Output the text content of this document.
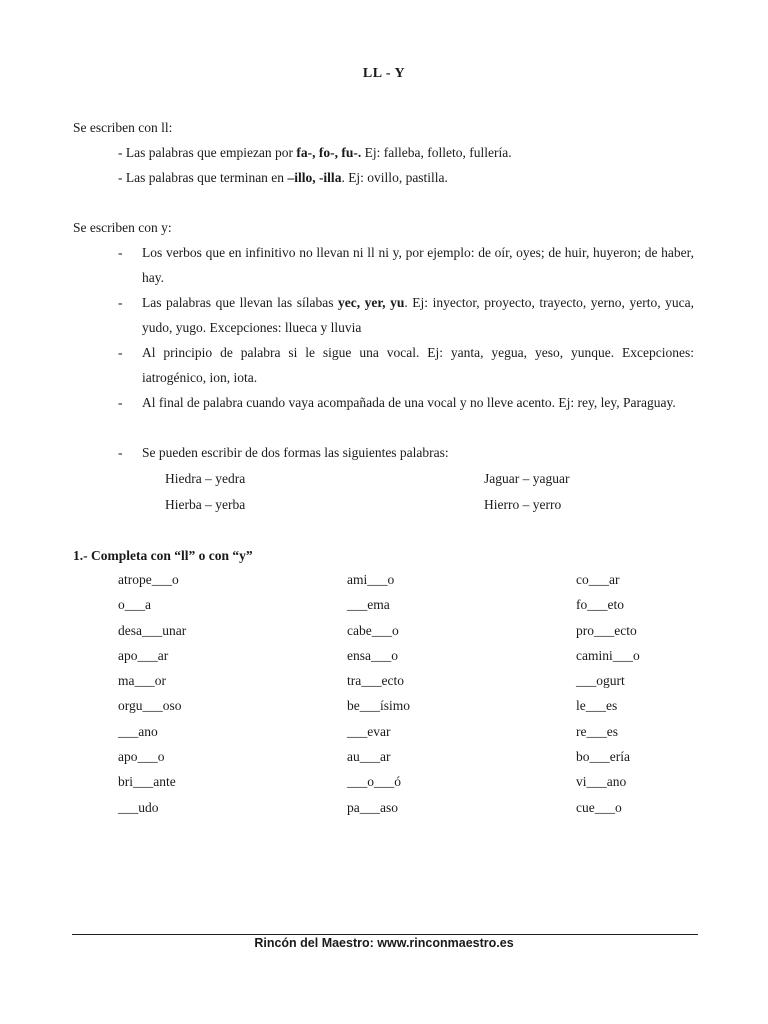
LL - Y
Se escriben con ll:
- Las palabras que empiezan por fa-, fo-, fu-. Ej: falleba, folleto, fullería.
- Las palabras que terminan en –illo, -illa. Ej: ovillo, pastilla.
Se escriben con y:
- Los verbos que en infinitivo no llevan ni ll ni y, por ejemplo: de oír, oyes; de huir, huyeron; de haber, hay.
- Las palabras que llevan las sílabas yec, yer, yu. Ej: inyector, proyecto, trayecto, yerno, yerto, yuca, yudo, yugo. Excepciones: llueca y lluvia
- Al principio de palabra si le sigue una vocal. Ej: yanta, yegua, yeso, yunque. Excepciones: iatrogénico, ion, iota.
- Al final de palabra cuando vaya acompañada de una vocal y no lleve acento. Ej: rey, ley, Paraguay.
- Se pueden escribir de dos formas las siguientes palabras:
Hiedra – yedra	Jaguar – yaguar
Hierba – yerba	Hierro – yerro
1.- Completa con “ll” o con “y”
atrope___o	ami___o	co___ar
o___a	___ema	fo___eto
desa___unar	cabe___o	pro___ecto
apo___ar	ensa___o	camini___o
ma___or	tra___ecto	___ogurt
orgu___oso	be___ísimo	le___es
___ano	___evar	re___es
apo___o	au___ar	bo___ería
bri___ante	___o___ó	vi___ano
___udo	pa___aso	cue___o
Rincón del Maestro: www.rinconmaestro.es
